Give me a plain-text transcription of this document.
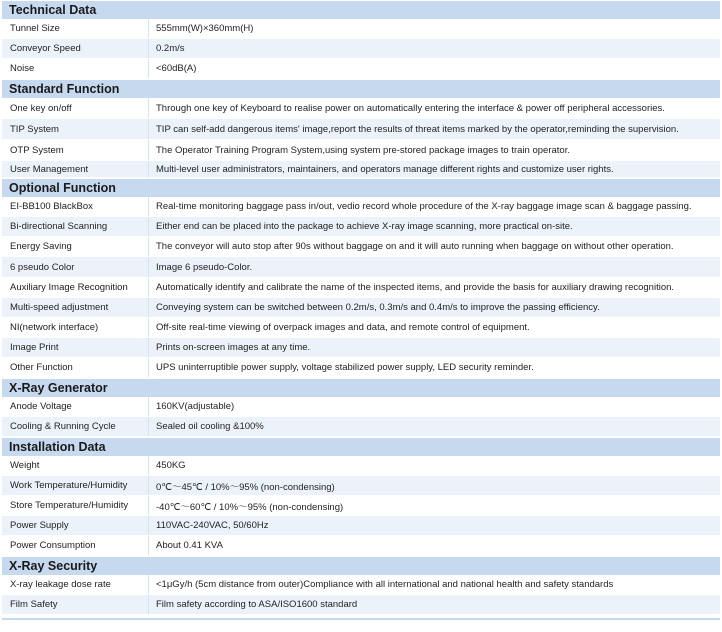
Technical Data
Tunnel Size	555mm(W)×360mm(H)
Conveyor Speed	0.2m/s
Noise	<60dB(A)
Standard Function
One key on/off	Through one key of Keyboard to realise power on automatically entering the interface & power off peripheral accessories.
TIP System	TIP can self-add dangerous items' image,report the results of threat items marked by the operator,reminding the supervision.
OTP System	The Operator Training Program System,using system pre-stored package images to train operator.
User Management	Multi-level user administrators, maintainers, and operators manage different rights and customize user rights.
Optional Function
EI-BB100 BlackBox	Real-time monitoring baggage pass in/out, vedio record whole procedure of the X-ray baggage image scan & baggage passing.
Bi-directional Scanning	Either end can be placed into the package to achieve X-ray image scanning, more practical on-site.
Energy Saving	The conveyor will auto stop after 90s without baggage on and it will auto running when baggage on without other operation.
6 pseudo Color	Image 6 pseudo-Color.
Auxiliary Image Recognition	Automatically identify and calibrate the name of the inspected items, and provide the basis for auxiliary drawing recognition.
Multi-speed adjustment	Conveying system can be switched between 0.2m/s, 0.3m/s and 0.4m/s to improve the passing efficiency.
NI(network interface)	Off-site real-time viewing of overpack images and data, and remote control of equipment.
Image Print	Prints on-screen images at any time.
Other Function	UPS uninterruptible power supply, voltage stabilized power supply, LED security reminder.
X-Ray Generator
Anode Voltage	160KV(adjustable)
Cooling & Running Cycle	Sealed oil cooling &100%
Installation Data
Weight	450KG
Work Temperature/Humidity	0℃～45℃ / 10%～95% (non-condensing)
Store Temperature/Humidity	-40℃～60℃ / 10%～95% (non-condensing)
Power Supply	110VAC-240VAC, 50/60Hz
Power Consumption	About 0.41 KVA
X-Ray Security
X-ray leakage dose rate	<1μGy/h (5cm distance from outer)Compliance with all international and national health and safety standards
Film Safety	Film safety according to ASA/ISO1600 standard
